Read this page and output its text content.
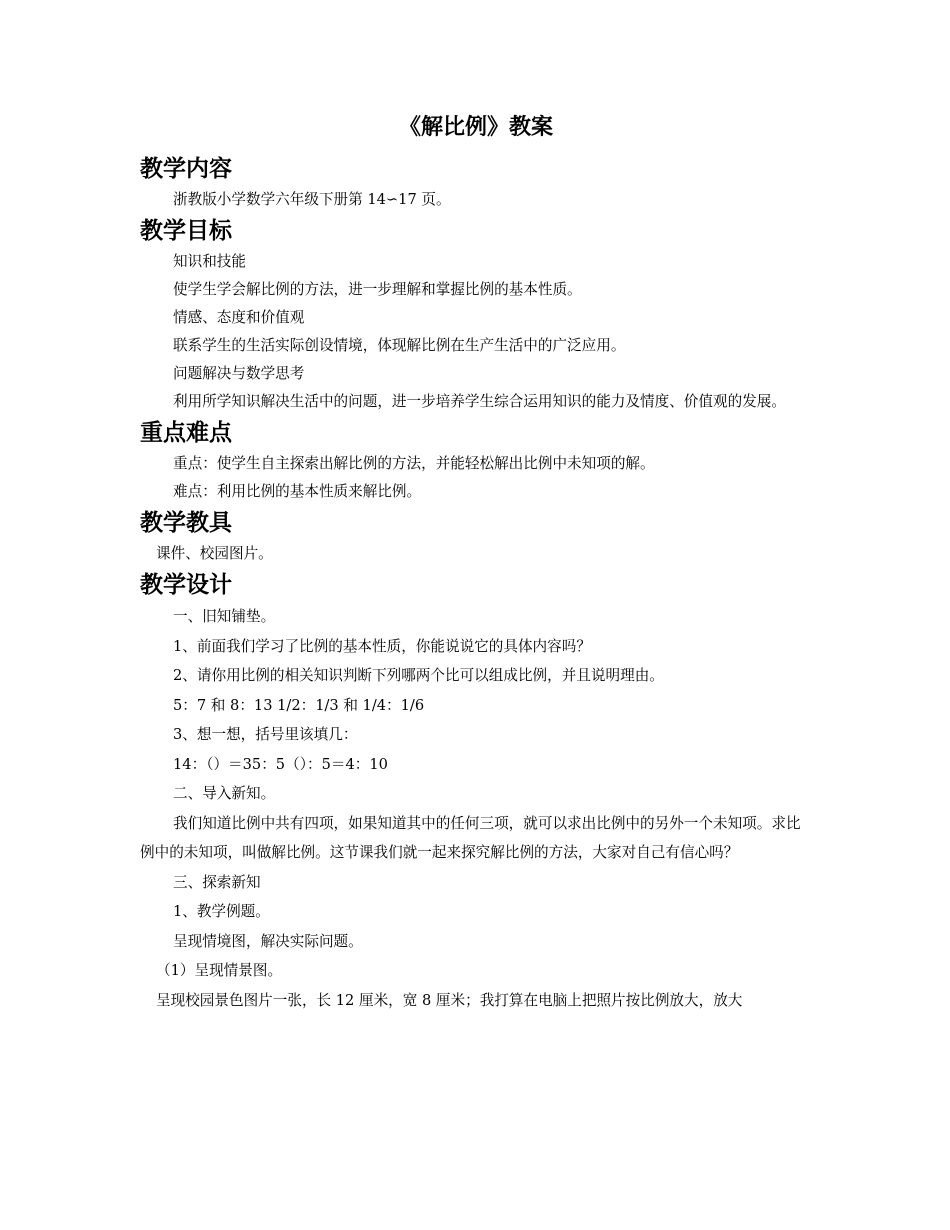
《解比例》教案
教学内容

浙教版小学数学六年级下册第 14∽17 页。

教学目标

知识和技能

使学生学会解比例的方法，进一步理解和掌握比例的基本性质。

情感、态度和价值观

联系学生的生活实际创设情境，体现解比例在生产生活中的广泛应用。

问题解决与数学思考

利用所学知识解决生活中的问题，进一步培养学生综合运用知识的能力及情度、价值观的发展。

重点难点

重点：使学生自主探索出解比例的方法，并能轻松解出比例中未知项的解。

难点：利用比例的基本性质来解比例。

教学教具

课件、校园图片。

教学设计

一、旧知铺垫。

1、前面我们学习了比例的基本性质，你能说说它的具体内容吗？

2、请你用比例的相关知识判断下列哪两个比可以组成比例，并且说明理由。

5：7 和 8：13 1/2：1/3 和 1/4：1/6

3、想一想，括号里该填几：

14：（）＝35：5（）：5＝4：10

二、导入新知。

我们知道比例中共有四项，如果知道其中的任何三项，就可以求出比例中的另外一个未知项。求比例中的未知项，叫做解比例。这节课我们就一起来探究解比例的方法，大家对自己有信心吗？

三、探索新知

1、教学例题。

呈现情境图，解决实际问题。

（1）呈现情景图。

呈现校园景色图片一张，长 12 厘米，宽 8 厘米；我打算在电脑上把照片按比例放大，放大
